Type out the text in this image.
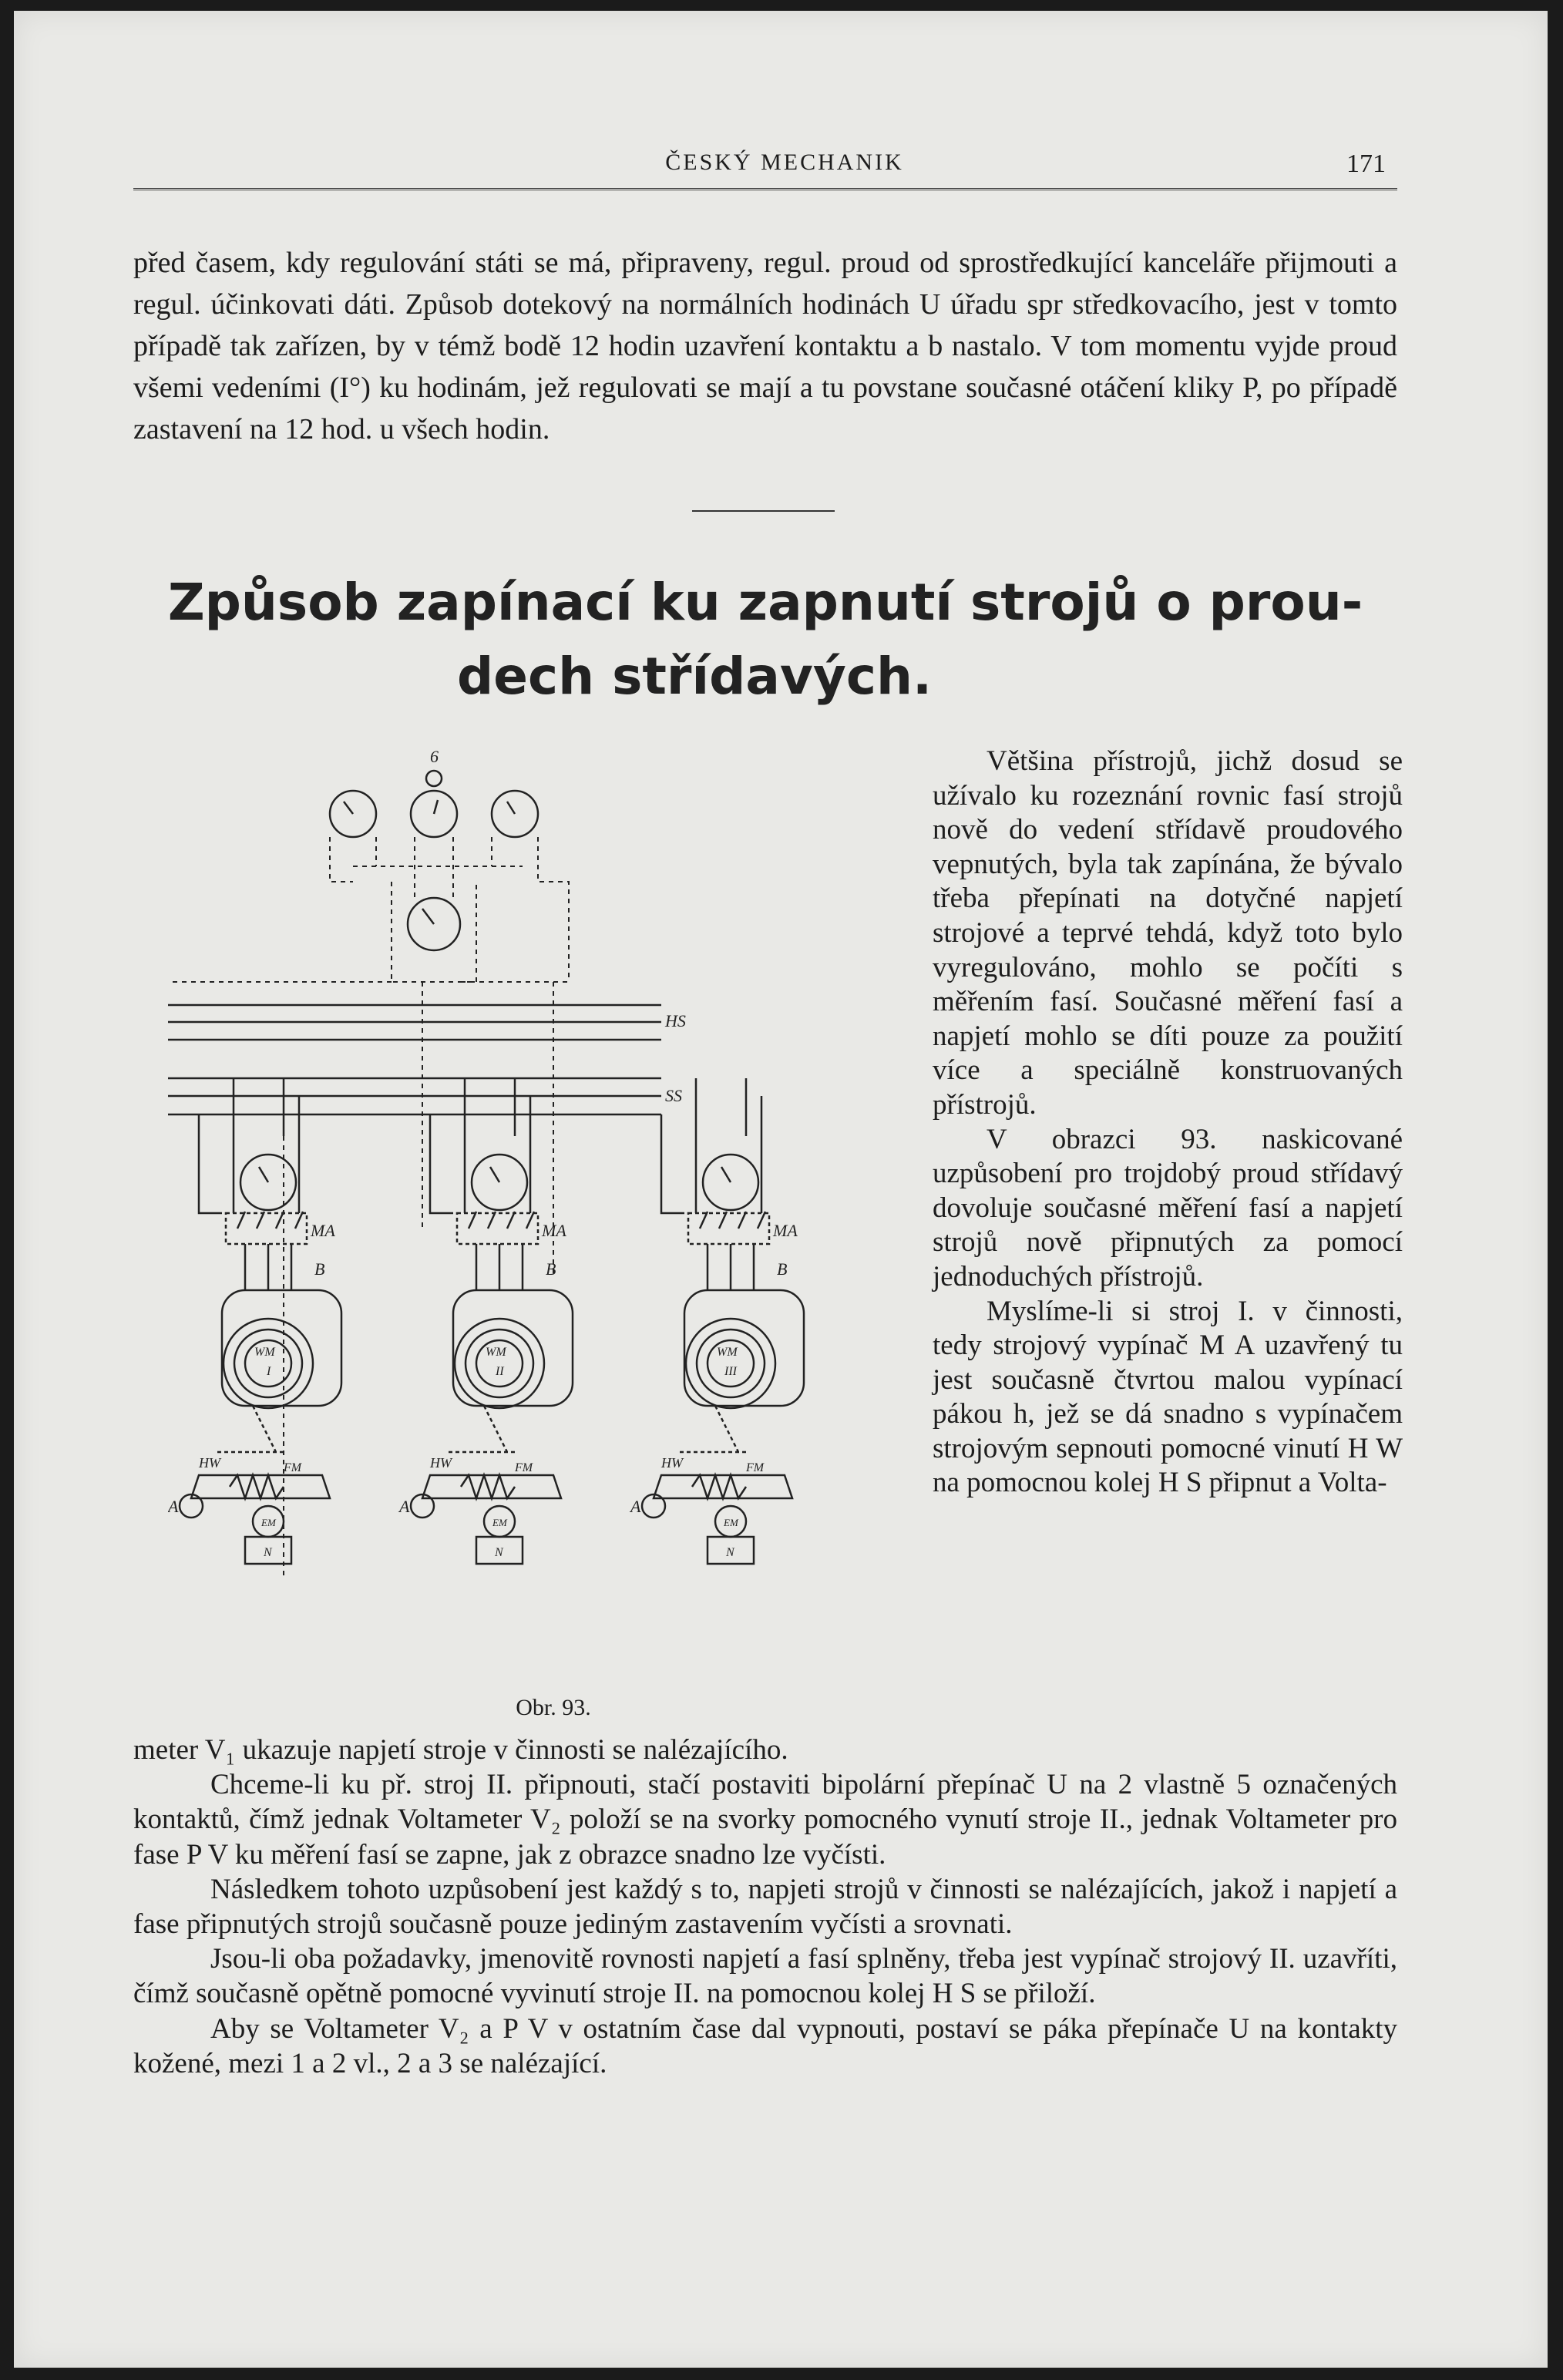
ČESKÝ MECHANIK	171
před časem, kdy regulování státi se má, připraveny, regul. proud od sprostředkující kanceláře přijmouti a regul. účinkovati dáti. Způsob dotekový na normálních hodinách U úřadu spr středkovacího, jest v tomto případě tak zařízen, by v témž bodě 12 hodin uzavření kontaktu a b nastalo. V tom momentu vyjde proud všemi vedeními (I°) ku hodinám, jež regulovati se mají a tu povstane současné otáčení kliky P, po případě zastavení na 12 hod. u všech hodin.
Způsob zapínací ku zapnutí strojů o prou-
dech střídavých.
6
HS
SS
MA	MA	MA
B	B	B
WM
I
WM
II
WM
III
HW	HW	HW
FM	FM	FM
A	A	A
EM	EM	EM
N	N	N

Většina přístrojů, jichž dosud se užívalo ku rozeznání rovnic fasí strojů nově do vedení střídavě proudového vepnutých, byla tak zapínána, že bývalo třeba přepínati na dotyčné napjetí strojové a teprvé tehdá, když toto bylo vyregulováno, mohlo se počíti s měřením fasí. Současné měření fasí a napjetí mohlo se díti pouze za použití více a speciálně konstruovaných přístrojů.

V obrazci 93. naskicované uzpůsobení pro trojdobý proud střídavý dovoluje současné měření fasí a napjetí strojů nově připnutých za pomocí jednoduchých přístrojů.

Myslíme-li si stroj I. v činnosti, tedy strojový vypínač M A uzavřený tu jest současně čtvrtou malou vypínací pákou h, jež se dá snadno s vypínačem strojovým sepnouti pomocné vinutí H W na pomocnou kolej H S připnut a Volta-

Obr. 93.

meter V₁ ukazuje napjetí stroje v činnosti se nalézajícího.

Chceme-li ku př. stroj II. připnouti, stačí postaviti bipolární přepínač U na 2 vlastně 5 označených kontaktů, čímž jednak Voltameter V₂ položí se na svorky pomocného vynutí stroje II., jednak Voltameter pro fase P V ku měření fasí se zapne, jak z obrazce snadno lze vyčísti.

Následkem tohoto uzpůsobení jest každý s to, napjeti strojů v činnosti se nalézajících, jakož i napjetí a fase připnutých strojů současně pouze jediným zastavením vyčísti a srovnati.

Jsou-li oba požadavky, jmenovitě rovnosti napjetí a fasí splněny, třeba jest vypínač strojový II. uzavříti, čímž současně opětně pomocné vyvinutí stroje II. na pomocnou kolej H S se přiloží.

Aby se Voltameter V₂ a P V v ostatním čase dal vypnouti, postaví se páka přepínače U na kontakty kožené, mezi 1 a 2 vl., 2 a 3 se nalézající.
